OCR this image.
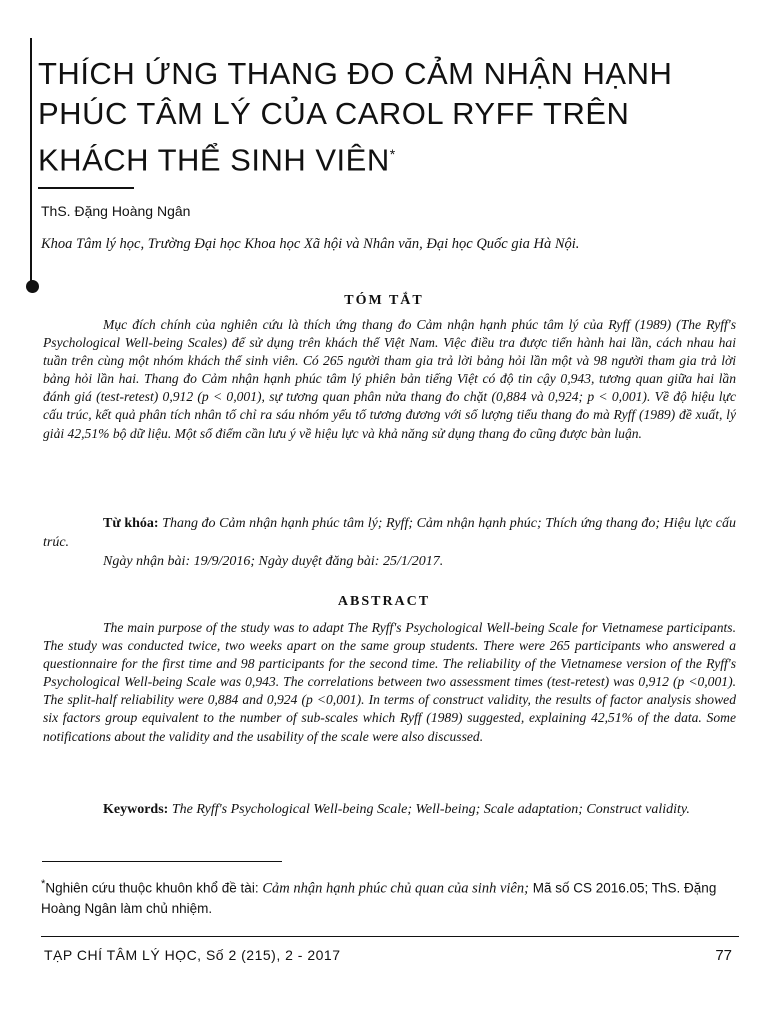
THÍCH ỨNG THANG ĐO CẢM NHẬN HẠNH PHÚC TÂM LÝ CỦA CAROL RYFF TRÊN KHÁCH THỂ SINH VIÊN*

ThS. Đặng Hoàng Ngân

Khoa Tâm lý học, Trường Đại học Khoa học Xã hội và Nhân văn, Đại học Quốc gia Hà Nội.

TÓM TẮT

Mục đích chính của nghiên cứu là thích ứng thang đo Cảm nhận hạnh phúc tâm lý của Ryff (1989) (The Ryff's Psychological Well-being Scales) để sử dụng trên khách thể Việt Nam. Việc điều tra được tiến hành hai lần, cách nhau hai tuần trên cùng một nhóm khách thể sinh viên. Có 265 người tham gia trả lời bảng hỏi lần một và 98 người tham gia trả lời bảng hỏi lần hai. Thang đo Cảm nhận hạnh phúc tâm lý phiên bản tiếng Việt có độ tin cậy 0,943, tương quan giữa hai lần đánh giá (test-retest) 0,912 (p < 0,001), sự tương quan phân nửa thang đo chặt (0,884 và 0,924; p < 0,001). Về độ hiệu lực cấu trúc, kết quả phân tích nhân tố chỉ ra sáu nhóm yếu tố tương đương với số lượng tiểu thang đo mà Ryff (1989) đề xuất, lý giải 42,51% bộ dữ liệu. Một số điểm cần lưu ý về hiệu lực và khả năng sử dụng thang đo cũng được bàn luận.

Từ khóa: Thang đo Cảm nhận hạnh phúc tâm lý; Ryff; Cảm nhận hạnh phúc; Thích ứng thang đo; Hiệu lực cấu trúc.

Ngày nhận bài: 19/9/2016; Ngày duyệt đăng bài: 25/1/2017.

ABSTRACT

The main purpose of the study was to adapt The Ryff's Psychological Well-being Scale for Vietnamese participants. The study was conducted twice, two weeks apart on the same group students. There were 265 participants who answered a questionnaire for the first time and 98 participants for the second time. The reliability of the Vietnamese version of the Ryff's Psychological Well-being Scale was 0,943. The correlations between two assessment times (test-retest) was 0,912 (p <0,001). The split-half reliability were 0,884 and 0,924 (p <0,001). In terms of construct validity, the results of factor analysis showed six factors group equivalent to the number of sub-scales which Ryff (1989) suggested, explaining 42,51% of the data. Some notifications about the validity and the usability of the scale were also discussed.

Keywords: The Ryff's Psychological Well-being Scale; Well-being; Scale adaptation; Construct validity.

*Nghiên cứu thuộc khuôn khổ đề tài: Cảm nhận hạnh phúc chủ quan của sinh viên; Mã số CS 2016.05; ThS. Đặng Hoàng Ngân làm chủ nhiệm.

TẠP CHÍ TÂM LÝ HỌC, Số 2 (215), 2 - 2017	77
